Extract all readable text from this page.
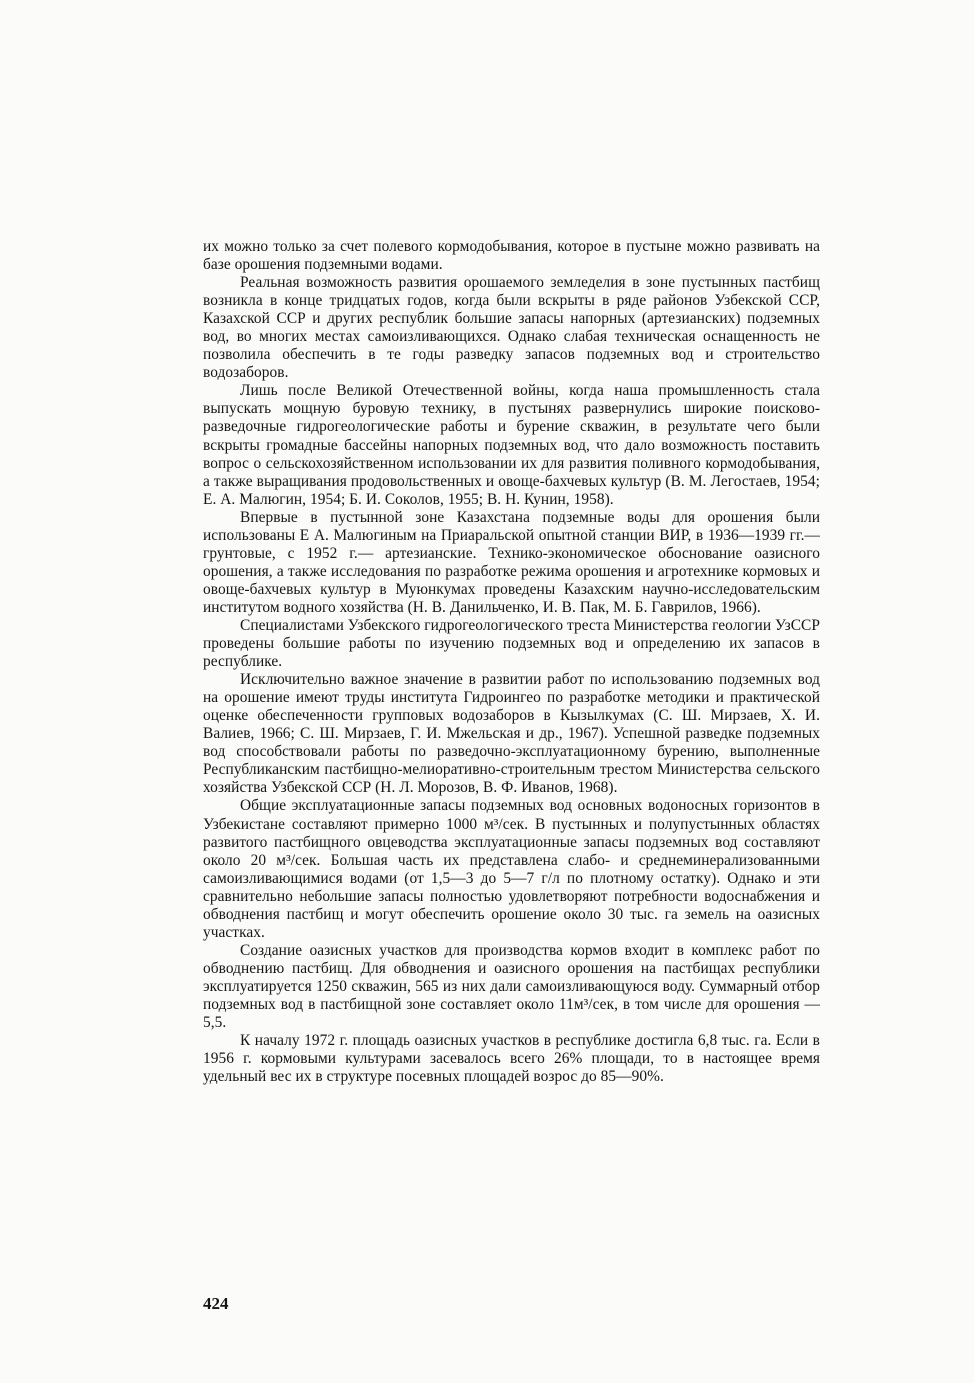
их можно только за счет полевого кормодобывания, которое в пустыне можно развивать на базе орошения подземными водами.

Реальная возможность развития орошаемого земледелия в зоне пустынных пастбищ возникла в конце тридцатых годов, когда были вскрыты в ряде районов Узбекской ССР, Казахской ССР и других республик большие запасы напорных (артезианских) подземных вод, во многих местах самоизливающихся. Однако слабая техническая оснащенность не позволила обеспечить в те годы разведку запасов подземных вод и строительство водозаборов.

Лишь после Великой Отечественной войны, когда наша промышленность стала выпускать мощную буровую технику, в пустынях развернулись широкие поисково-разведочные гидрогеологические работы и бурение скважин, в результате чего были вскрыты громадные бассейны напорных подземных вод, что дало возможность поставить вопрос о сельскохозяйственном использовании их для развития поливного кормодобывания, а также выращивания продовольственных и овоще-бахчевых культур (В. М. Легостаев, 1954; Е. А. Малюгин, 1954; Б. И. Соколов, 1955; В. Н. Кунин, 1958).

Впервые в пустынной зоне Казахстана подземные воды для орошения были использованы Е А. Малюгиным на Приаральской опытной станции ВИР, в 1936—1939 гг.— грунтовые, с 1952 г.— артезианские. Технико-экономическое обоснование оазисного орошения, а также исследования по разработке режима орошения и агротехнике кормовых и овоще-бахчевых культур в Муюнкумах проведены Казахским научно-исследовательским институтом водного хозяйства (Н. В. Данильченко, И. В. Пак, М. Б. Гаврилов, 1966).

Специалистами Узбекского гидрогеологического треста Министерства геологии УзССР проведены большие работы по изучению подземных вод и определению их запасов в республике.

Исключительно важное значение в развитии работ по использованию подземных вод на орошение имеют труды института Гидроингео по разработке методики и практической оценке обеспеченности групповых водозаборов в Кызылкумах (С. Ш. Мирзаев, Х. И. Валиев, 1966; С. Ш. Мирзаев, Г. И. Мжельская и др., 1967). Успешной разведке подземных вод способствовали работы по разведочно-эксплуатационному бурению, выполненные Республиканским пастбищно-мелиоративно-строительным трестом Министерства сельского хозяйства Узбекской ССР (Н. Л. Морозов, В. Ф. Иванов, 1968).

Общие эксплуатационные запасы подземных вод основных водоносных горизонтов в Узбекистане составляют примерно 1000 м³/сек. В пустынных и полупустынных областях развитого пастбищного овцеводства эксплуатационные запасы подземных вод составляют около 20 м³/сек. Большая часть их представлена слабо- и среднеминерализованными самоизливающимися водами (от 1,5—3 до 5—7 г/л по плотному остатку). Однако и эти сравнительно небольшие запасы полностью удовлетворяют потребности водоснабжения и обводнения пастбищ и могут обеспечить орошение около 30 тыс. га земель на оазисных участках.

Создание оазисных участков для производства кормов входит в комплекс работ по обводнению пастбищ. Для обводнения и оазисного орошения на пастбищах республики эксплуатируется 1250 скважин, 565 из них дали самоизливающуюся воду. Суммарный отбор подземных вод в пастбищной зоне составляет около 11м³/сек, в том числе для орошения — 5,5.

К началу 1972 г. площадь оазисных участков в республике достигла 6,8 тыс. га. Если в 1956 г. кормовыми культурами засевалось всего 26% площади, то в настоящее время удельный вес их в структуре посевных площадей возрос до 85—90%.

424
